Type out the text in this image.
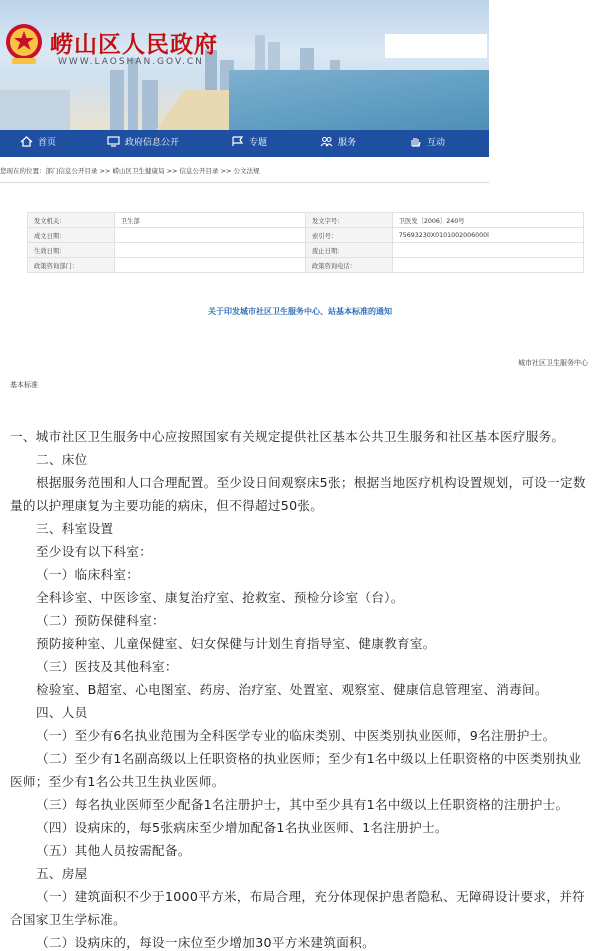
崂山区人民政府
WWW.LAOSHAN.GOV.CN
首页	政府信息公开	专题	服务	互动
您现在的位置：部门信息公开目录 >> 崂山区卫生健康局 >> 信息公开目录 >> 公文法规
发文机关：	卫生部	发文字号：	卫医发〔2006〕240号
成文日期：		索引号：	75693230X0101002006000l
生效日期：		废止日期：	
政策咨询部门：		政策咨询电话：	
关于印发城市社区卫生服务中心、站基本标准的通知
城市社区卫生服务中心
基本标准
一、城市社区卫生服务中心应按照国家有关规定提供社区基本公共卫生服务和社区基本医疗服务。
二、床位
根据服务范围和人口合理配置。至少设日间观察床5张；根据当地医疗机构设置规划，可设一定数
量的以护理康复为主要功能的病床，但不得超过50张。
三、科室设置
至少设有以下科室：
（一）临床科室：
全科诊室、中医诊室、康复治疗室、抢救室、预检分诊室（台）。
（二）预防保健科室：
预防接种室、儿童保健室、妇女保健与计划生育指导室、健康教育室。
（三）医技及其他科室：
检验室、B超室、心电图室、药房、治疗室、处置室、观察室、健康信息管理室、消毒间。
四、人员
（一）至少有6名执业范围为全科医学专业的临床类别、中医类别执业医师，9名注册护士。
（二）至少有1名副高级以上任职资格的执业医师；至少有1名中级以上任职资格的中医类别执业
医师；至少有1名公共卫生执业医师。
（三）每名执业医师至少配备1名注册护士，其中至少具有1名中级以上任职资格的注册护士。
（四）设病床的，每5张病床至少增加配备1名执业医师、1名注册护士。
（五）其他人员按需配备。
五、房屋
（一）建筑面积不少于1000平方米，布局合理，充分体现保护患者隐私、无障碍设计要求，并符
合国家卫生学标准。
（二）设病床的，每设一床位至少增加30平方米建筑面积。
